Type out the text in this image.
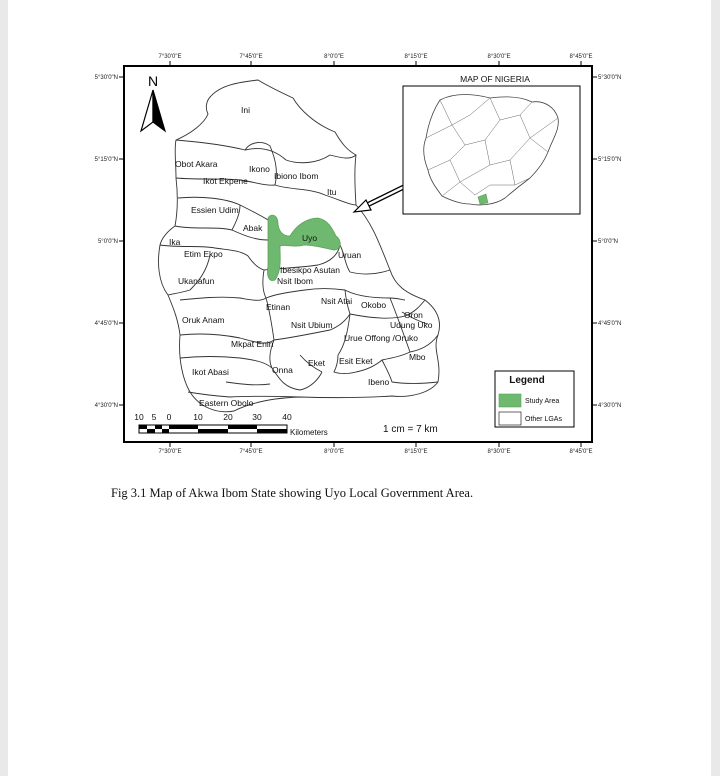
7°30'0"E	7°45'0"E	8°0'0"E	8°15'0"E	8°30'0"E	8°45'0"E
7°30'0"E	7°45'0"E	8°0'0"E	8°15'0"E	8°30'0"E	8°45'0"E
5°30'0"N
5°15'0"N
5°0'0"N
4°45'0"N
4°30'0"N
5°30'0"N
5°15'0"N
5°0'0"N
4°45'0"N
4°30'0"N
N
Ini
Obot Akara	Ikono
Ikot Ekpene	Ibiono Ibom
Itu
Essien Udim
Abak
Uyo
Ika
Etim Ekpo	Uruan
Ukanafun
Ibesikpo Asutan
Nsit Ibom
Etinan
Nsit Atai Okobo
Oron
Oruk Anam	Nsit Ubium	Udung Uko
Urue Offong /Oruko
Mkpat Enin
Mbo
Eket Esit Eket
Ikot Abasi	Onna
Ibeno
Eastern Obolo
MAP OF NIGERIA
Legend
Study Area
Other LGAs
10 5 0	10 20 30 40
Kilometers	1 cm = 7 km
Fig 3.1 Map of Akwa Ibom State showing Uyo Local Government Area.
